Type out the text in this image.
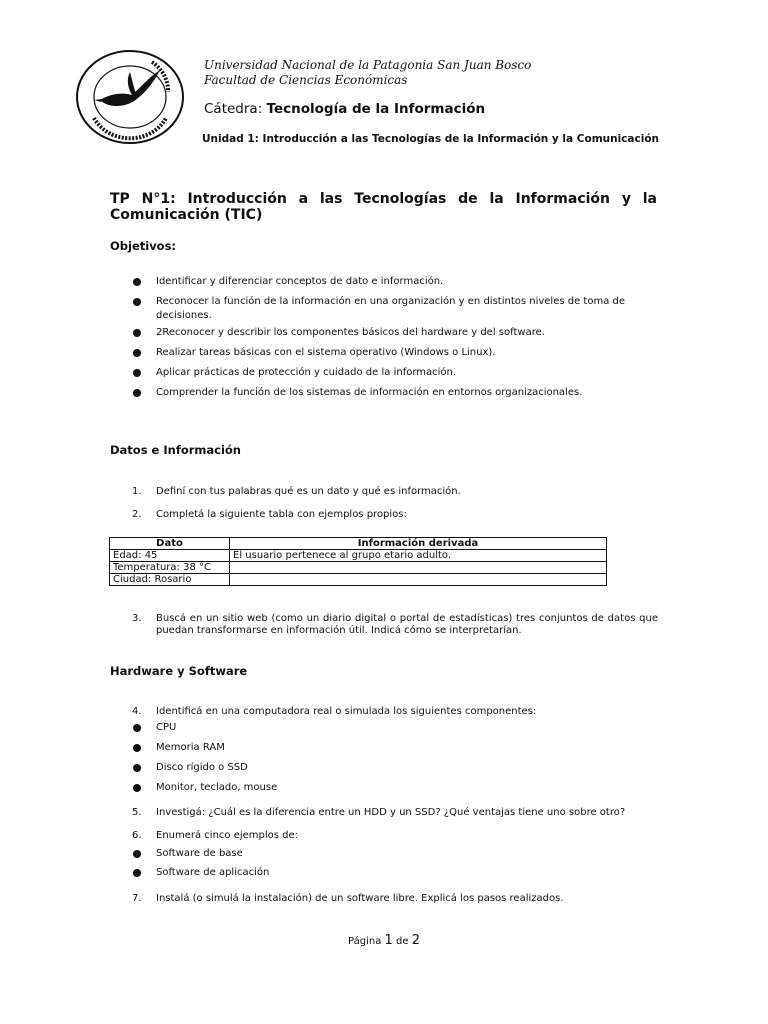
Universidad Nacional de la Patagonia San Juan Bosco
Facultad de Ciencias Económicas
Cátedra: Tecnología de la Información
Unidad 1: Introducción a las Tecnologías de la Información y la Comunicación
TP N°1: Introducción a las Tecnologías de la Información y la Comunicación (TIC)
Objetivos:
Identificar y diferenciar conceptos de dato e información.
Reconocer la función de la información en una organización y en distintos niveles de toma de decisiones.
2Reconocer y describir los componentes básicos del hardware y del software.
Realizar tareas básicas con el sistema operativo (Windows o Linux).
Aplicar prácticas de protección y cuidado de la información.
Comprender la función de los sistemas de información en entornos organizacionales.
Datos e Información
1. Definí con tus palabras qué es un dato y qué es información.
2. Completá la siguiente tabla con ejemplos propios:
Dato	Información derivada
Edad: 45	El usuario pertenece al grupo etario adulto.
Temperatura: 38 °C	
Ciudad: Rosario	
3. Buscá en un sitio web (como un diario digital o portal de estadísticas) tres conjuntos de datos que puedan transformarse en información útil. Indicá cómo se interpretarían.
Hardware y Software
4. Identificá en una computadora real o simulada los siguientes componentes:
CPU
Memoria RAM
Disco rígido o SSD
Monitor, teclado, mouse
5. Investigá: ¿Cuál es la diferencia entre un HDD y un SSD? ¿Qué ventajas tiene uno sobre otro?
6. Enumerá cinco ejemplos de:
Software de base
Software de aplicación
7. Instalá (o simulá la instalación) de un software libre. Explicá los pasos realizados.
Página 1 de 2
